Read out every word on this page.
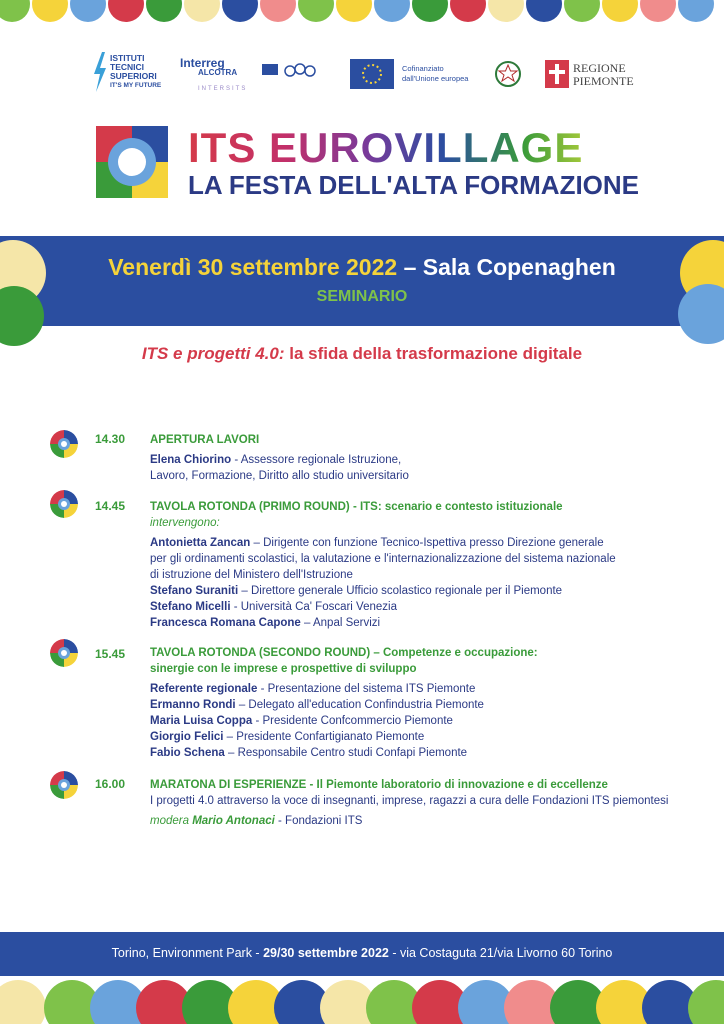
ISTITUTI
TECNICI
SUPERIORI
IT'S MY FUTURE
Interreg
ALCOTRA
INTERSITS
Cofinanziato
dall'Unione europea
REGIONE
PIEMONTE
ITS EUROVILLAGE
LA FESTA DELL'ALTA FORMAZIONE
Venerdì 30 settembre 2022 – Sala Copenaghen
SEMINARIO
ITS e progetti 4.0: la sfida della trasformazione digitale
14.30 APERTURA LAVORI
Elena Chiorino - Assessore regionale Istruzione,
Lavoro, Formazione, Diritto allo studio universitario
14.45 TAVOLA ROTONDA (PRIMO ROUND) - ITS: scenario e contesto istituzionale
intervengono:
Antonietta Zancan – Dirigente con funzione Tecnico-Ispettiva presso Direzione generale
per gli ordinamenti scolastici, la valutazione e l'internazionalizzazione del sistema nazionale
di istruzione del Ministero dell'Istruzione
Stefano Suraniti – Direttore generale Ufficio scolastico regionale per il Piemonte
Stefano Micelli - Università Ca' Foscari Venezia
Francesca Romana Capone – Anpal Servizi
15.45 TAVOLA ROTONDA (SECONDO ROUND) – Competenze e occupazione:
sinergie con le imprese e prospettive di sviluppo
Referente regionale - Presentazione del sistema ITS Piemonte
Ermanno Rondi – Delegato all'education Confindustria Piemonte
Maria Luisa Coppa - Presidente Confcommercio Piemonte
Giorgio Felici – Presidente Confartigianato Piemonte
Fabio Schena – Responsabile Centro studi Confapi Piemonte
16.00 MARATONA DI ESPERIENZE - Il Piemonte laboratorio di innovazione e di eccellenze
I progetti 4.0 attraverso la voce di insegnanti, imprese, ragazzi a cura delle Fondazioni ITS piemontesi
modera Mario Antonaci - Fondazioni ITS
Torino, Environment Park - 29/30 settembre 2022 - via Costaguta 21/via Livorno 60 Torino
